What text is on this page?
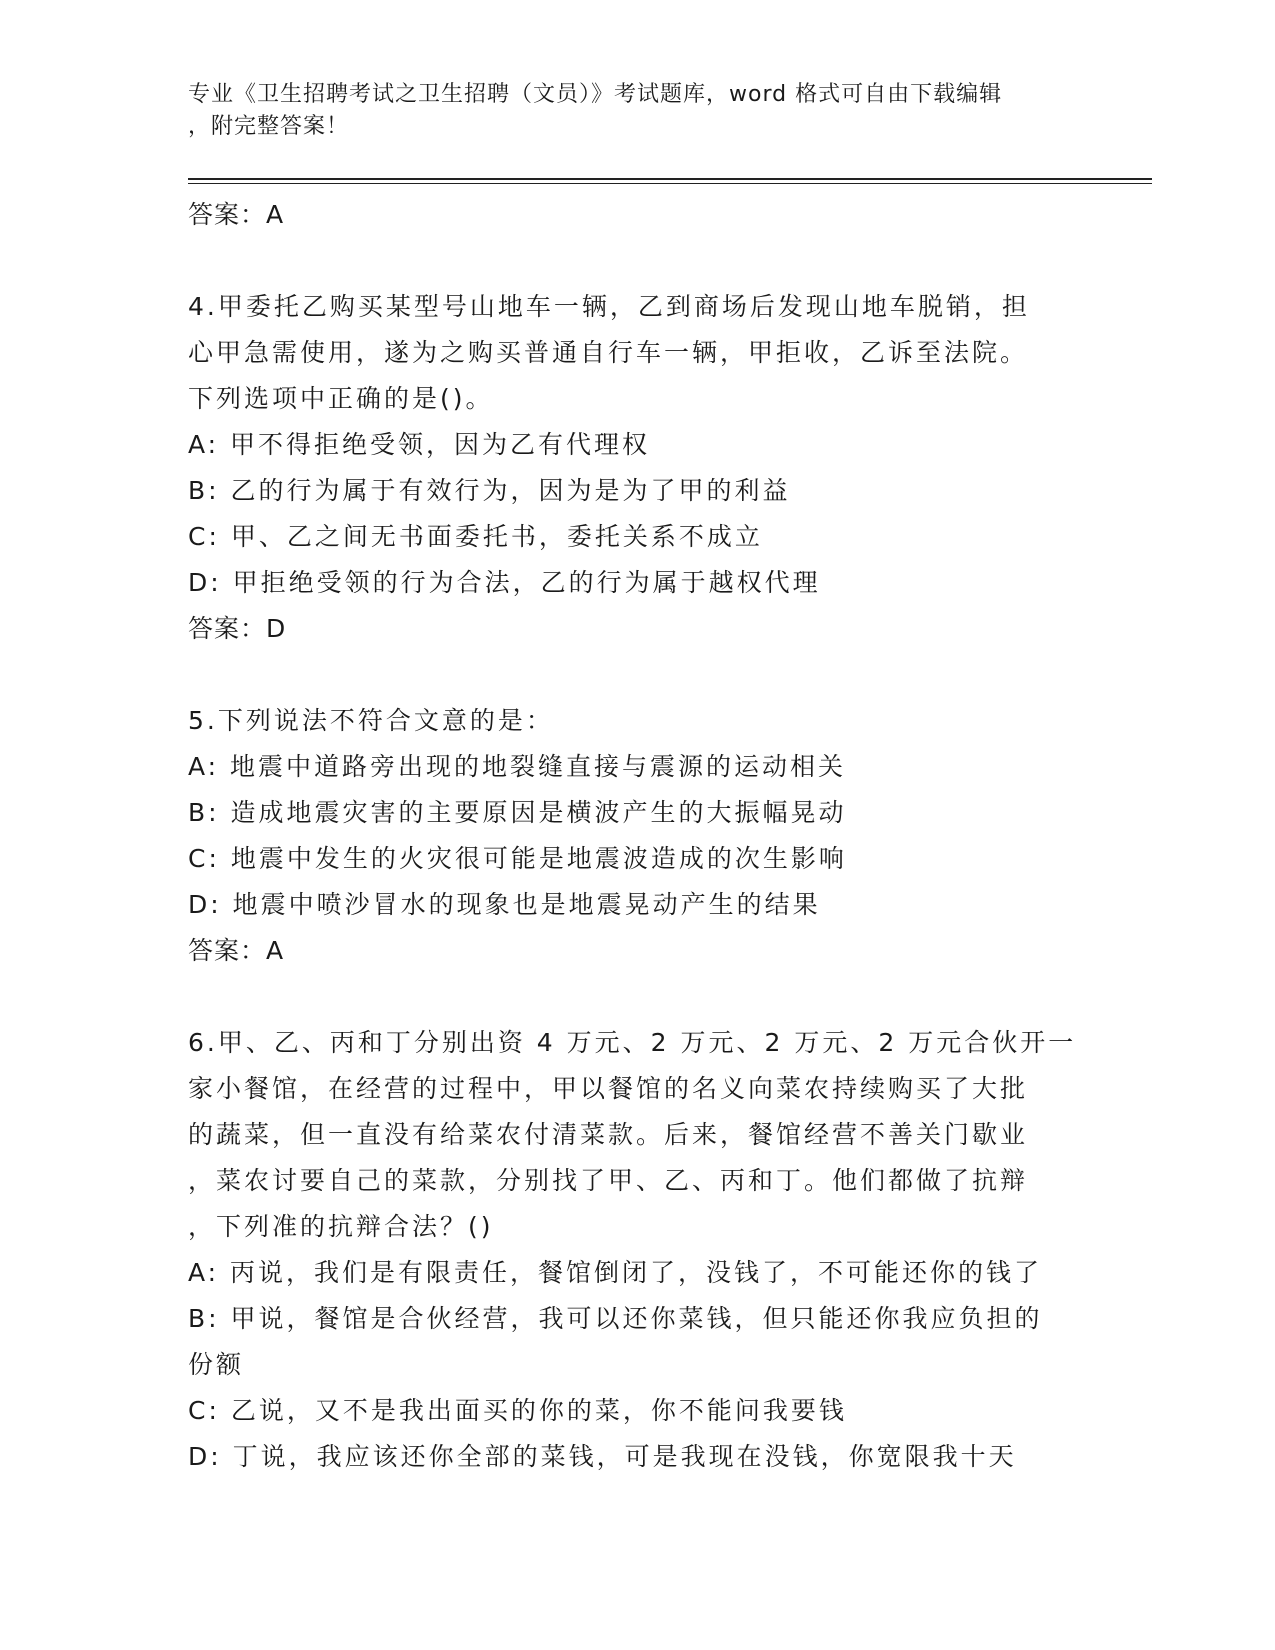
专业《卫生招聘考试之卫生招聘（文员）》考试题库，word 格式可自由下载编辑
，附完整答案！
答案：A
4.甲委托乙购买某型号山地车一辆，乙到商场后发现山地车脱销，担
心甲急需使用，遂为之购买普通自行车一辆，甲拒收，乙诉至法院。
下列选项中正确的是()。
A: 甲不得拒绝受领，因为乙有代理权
B: 乙的行为属于有效行为，因为是为了甲的利益
C: 甲、乙之间无书面委托书，委托关系不成立
D: 甲拒绝受领的行为合法，乙的行为属于越权代理
答案：D
5.下列说法不符合文意的是：
A: 地震中道路旁出现的地裂缝直接与震源的运动相关
B: 造成地震灾害的主要原因是横波产生的大振幅晃动
C: 地震中发生的火灾很可能是地震波造成的次生影响
D: 地震中喷沙冒水的现象也是地震晃动产生的结果
答案：A
6.甲、乙、丙和丁分别出资 4 万元、2 万元、2 万元、2 万元合伙开一
家小餐馆，在经营的过程中，甲以餐馆的名义向菜农持续购买了大批
的蔬菜，但一直没有给菜农付清菜款。后来，餐馆经营不善关门歇业
，菜农讨要自己的菜款，分别找了甲、乙、丙和丁。他们都做了抗辩
，下列准的抗辩合法？()
A: 丙说，我们是有限责任，餐馆倒闭了，没钱了，不可能还你的钱了
B: 甲说，餐馆是合伙经营，我可以还你菜钱，但只能还你我应负担的
份额
C: 乙说，又不是我出面买的你的菜，你不能问我要钱
D: 丁说，我应该还你全部的菜钱，可是我现在没钱，你宽限我十天
